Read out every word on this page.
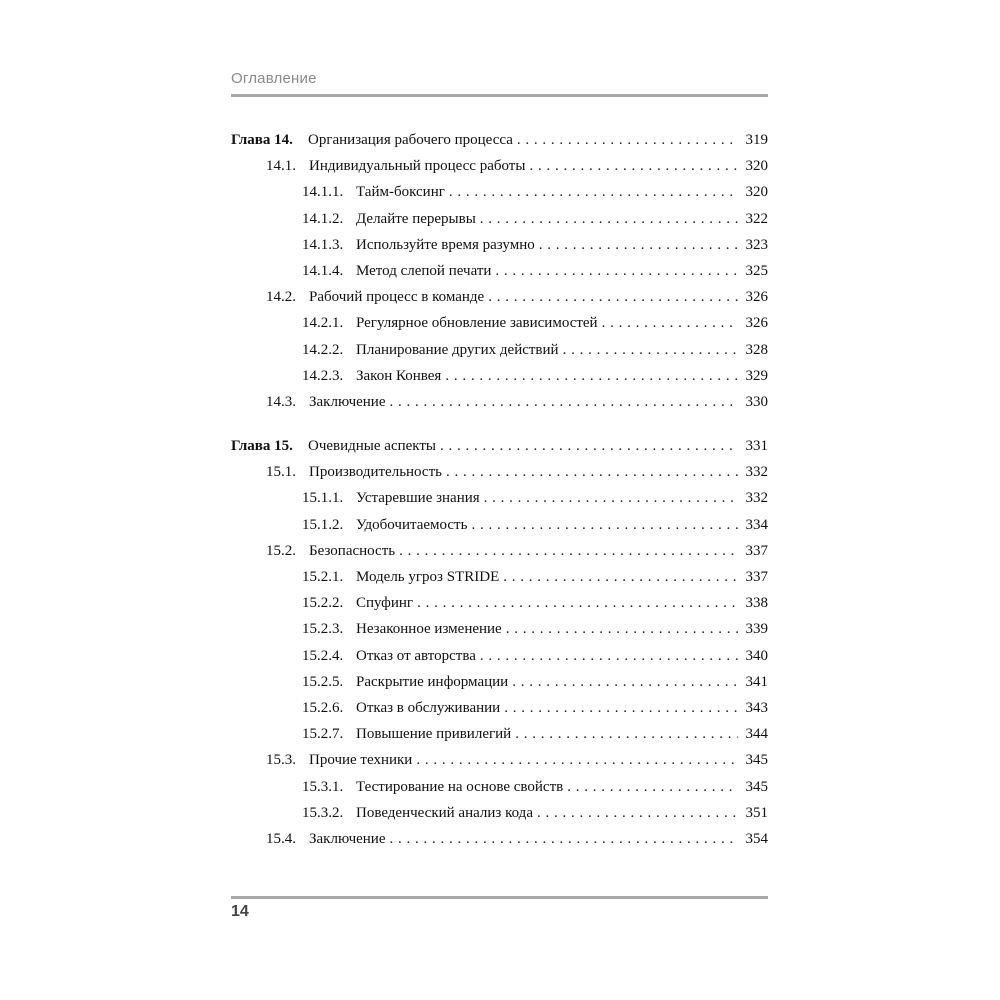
Оглавление
Глава 14.	Организация рабочего процесса . . .	319
14.1. Индивидуальный процесс работы . . .	320
14.1.1. Тайм-боксинг . . .	320
14.1.2. Делайте перерывы . . .	322
14.1.3. Используйте время разумно . . .	323
14.1.4. Метод слепой печати . . .	325
14.2. Рабочий процесс в команде . . .	326
14.2.1. Регулярное обновление зависимостей . . .	326
14.2.2. Планирование других действий . . .	328
14.2.3. Закон Конвея . . .	329
14.3. Заключение . . .	330
Глава 15.	Очевидные аспекты . . .	331
15.1. Производительность . . .	332
15.1.1. Устаревшие знания . . .	332
15.1.2. Удобочитаемость . . .	334
15.2. Безопасность . . .	337
15.2.1. Модель угроз STRIDE . . .	337
15.2.2. Спуфинг . . .	338
15.2.3. Незаконное изменение . . .	339
15.2.4. Отказ от авторства . . .	340
15.2.5. Раскрытие информации . . .	341
15.2.6. Отказ в обслуживании . . .	343
15.2.7. Повышение привилегий . . .	344
15.3. Прочие техники . . .	345
15.3.1. Тестирование на основе свойств . . .	345
15.3.2. Поведенческий анализ кода . . .	351
15.4. Заключение . . .	354
14
